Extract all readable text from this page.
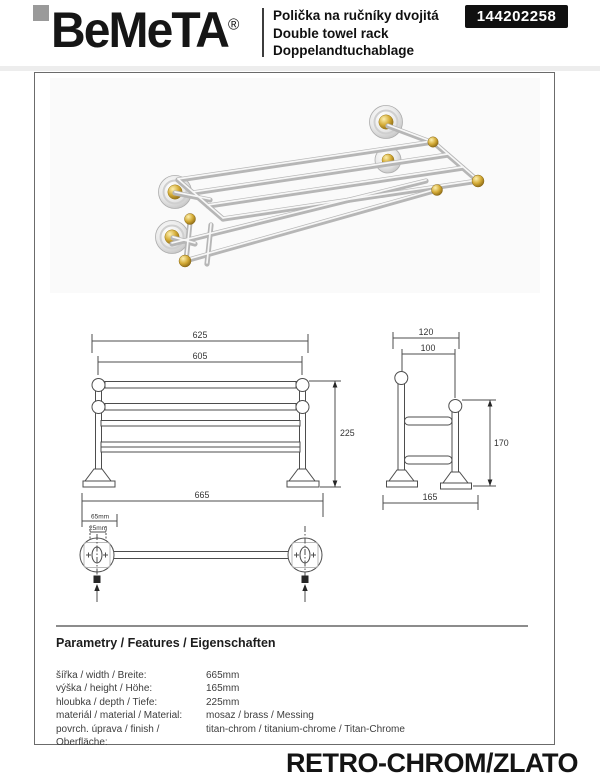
BeMeTA®
Polička na ručníky dvojitá
Double towel rack
Doppelandtuchablage
144202258
625
605
225
665
120
100
170
165
65mm
25mm
Parametry / Features / Eigenschaften
šířka / width / Breite:	665mm
výška / height / Höhe:	165mm
hloubka / depth / Tiefe:	225mm
materiál / material / Material:	mosaz / brass / Messing
povrch. úprava / finish / Oberfläche:
titan-chrom / titanium-chrome / Titan-Chrome
RETRO-CHROM/ZLATO
